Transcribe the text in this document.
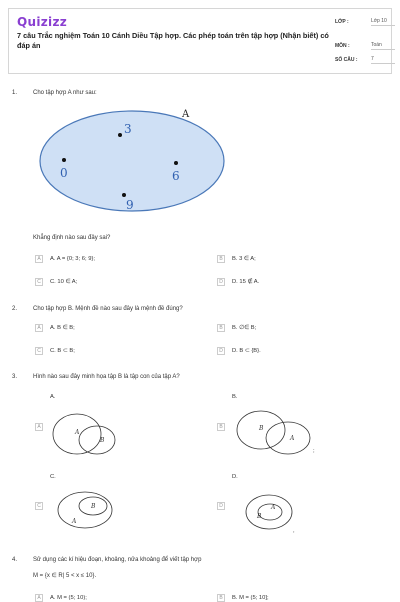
Quizizz
7 câu Trắc nghiệm Toán 10 Cánh Diều Tập hợp. Các phép toán trên tập hợp (Nhận biết) có đáp án
LỚP :	Lớp 10
MÔN :	Toán
SỐ CÂU :	7
1.	Cho tập hợp A như sau:
A
3
0	6
9
Khẳng định nào sau đây sai?
A	A. A = {0; 3; 6; 9};	B	B. 3 ∈ A;
C	C. 10 ∈ A;	D	D. 15 ∉ A.
2.	Cho tập hợp B. Mệnh đề nào sau đây là mệnh đề đúng?
A	A. B ∈ B;	B	B. ∅∈ B;
C	C. B ⊂ B;	D	D. B ⊂ {B}.
3.	Hình nào sau đây minh họa tập B là tập con của tập A?
A.
A
A
B
B.
B	B
A
;
C.
C	B
A
D.
D
B
A
,
4.	Sử dụng các kí hiệu đoạn, khoảng, nửa khoảng để viết tập hợp
M = {x ∈ R| 5 < x ≤ 10}.
A	A. M = (5; 10);	B	B. M = (5; 10];
